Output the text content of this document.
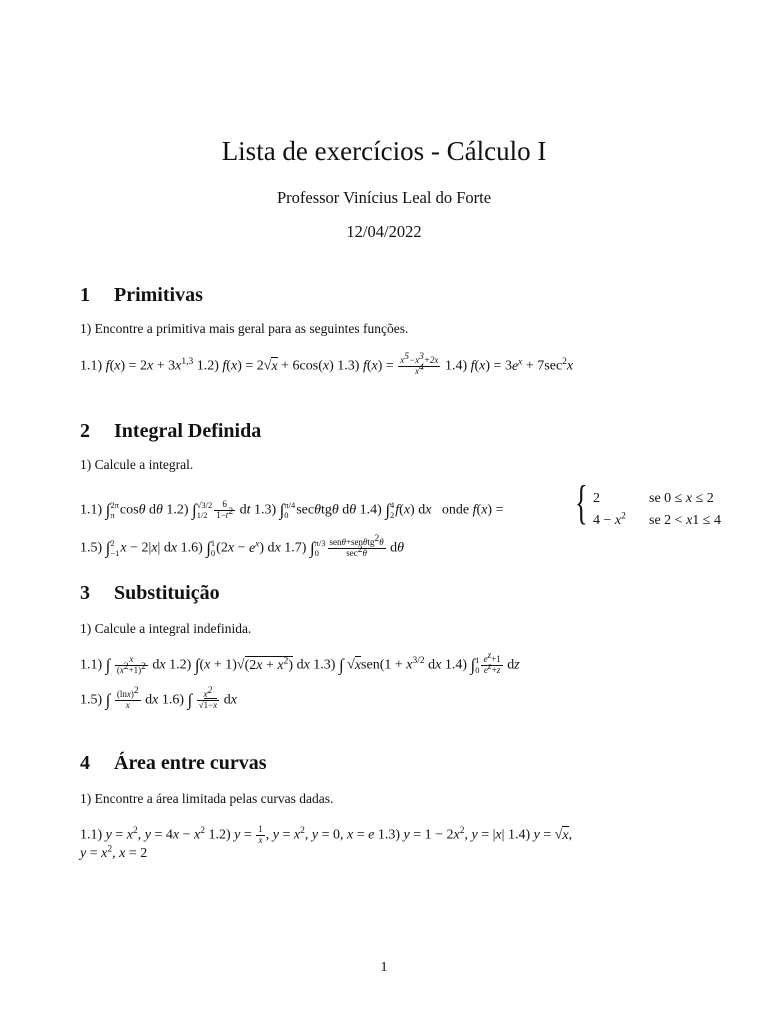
Lista de exercícios - Cálculo I
Professor Vinícius Leal do Forte
12/04/2022
1 Primitivas
1) Encontre a primitiva mais geral para as seguintes funções.
1.1) $f(x) = 2x + 3x^{1,3}$ 1.2) f(x) = 2√x + 6cos(x) 1.3) $f(x) = \frac{x^5-x^3+2x}{x^4} 1.4$) $f(x) = 3e^x + 7\sec^2x$
2 Integral Definida
1) Calcule a integral.
1.1) ∫ 2π
π cosθ dθ 1.2) ∫ √3/2
$1/2 \frac{6}{1-t^2}$ dt 1.3) ∫ π/4
0 secθtgθ dθ 1.4) ∫ 4
2 f(x) dx   onde f(x) = { 2	se 0 ≤ x ≤ 2
$4 - x^2$ se 2 < x1 ≤ 4
1.5) ∫ 2
−1 x − 2|x| dx 1.6) ∫ 1
0 $(2x - e^x)$ dx 1.7) ∫ π/3
$0 \frac{sen\theta+sen\theta tg^2\theta}{\sec^2\theta}$ dθ
3 Substituição
1) Calcule a integral indefinida.
1.1) ∫ $\frac{x}{(x^2+1)^2}$ dx 1.2) $\int(x + 1)√(2x + x^2)$ dx 1.3) ∫ √xsen(1 + $x^{3/2}$ dx 1.4) ∫ 1
$0 \frac{e^z+1}{e^z+z}$ dz
1.5) ∫ $\frac{(\ln x)^2}{x}$ dx 1.6) ∫ $\frac{x^2}{√1-x}$ dx
4 Área entre curvas
1) Encontre a área limitada pelas curvas dadas.
1.1) $y = x^2$, $y = 4x - x^2$ 1.2) $y = \frac{1}{x}$ , $y = x^2$, y = 0, x = e 1.3) $y = 1 - 2x^2$, y = |x| 1.4) y = √x,
$y = x^2$, x = 2
1
